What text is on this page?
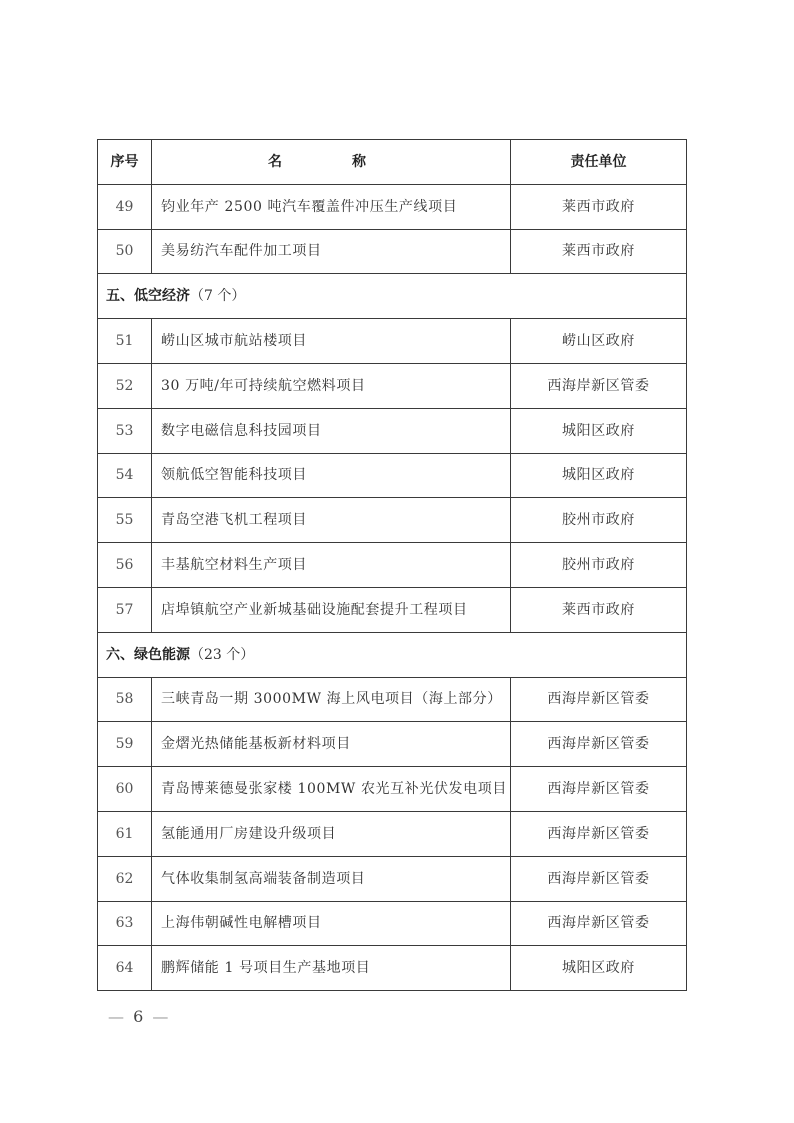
序号	名　称	责任单位
49	钧业年产 2500 吨汽车覆盖件冲压生产线项目	莱西市政府
50	美易纺汽车配件加工项目	莱西市政府
五、低空经济（7 个）		
51	崂山区城市航站楼项目	崂山区政府
52	30 万吨/年可持续航空燃料项目	西海岸新区管委
53	数字电磁信息科技园项目	城阳区政府
54	领航低空智能科技项目	城阳区政府
55	青岛空港飞机工程项目	胶州市政府
56	丰基航空材料生产项目	胶州市政府
57	店埠镇航空产业新城基础设施配套提升工程项目	莱西市政府
六、绿色能源（23 个）		
58	三峡青岛一期 3000MW 海上风电项目（海上部分）	西海岸新区管委
59	金熠光热储能基板新材料项目	西海岸新区管委
60	青岛博莱德曼张家楼 100MW 农光互补光伏发电项目	西海岸新区管委
61	氢能通用厂房建设升级项目	西海岸新区管委
62	气体收集制氢高端装备制造项目	西海岸新区管委
63	上海伟朝碱性电解槽项目	西海岸新区管委
64	鹏辉储能 1 号项目生产基地项目	城阳区政府
— 6 —
